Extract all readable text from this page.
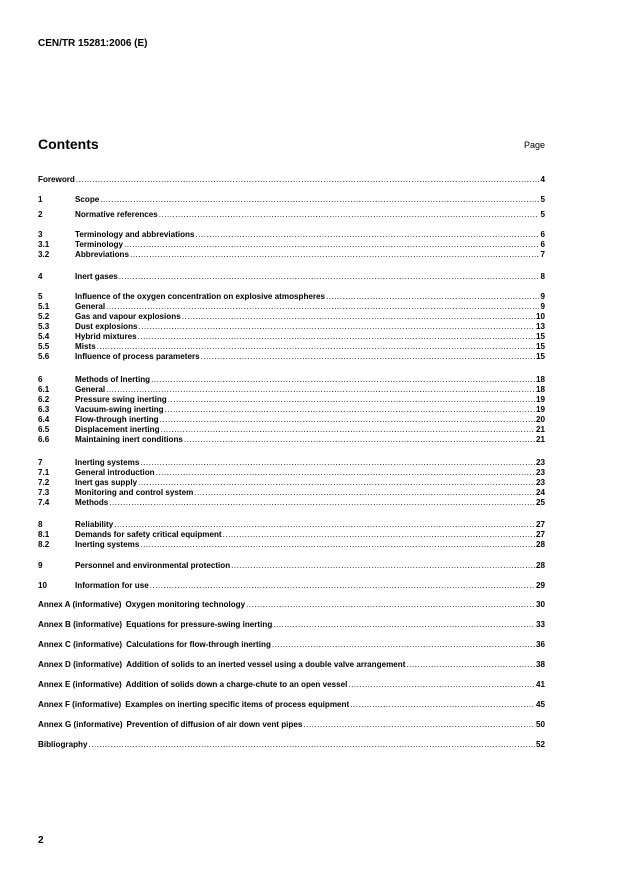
CEN/TR 15281:2006 (E)
Contents	Page
Foreword .....	4
1	Scope .....	5
2	Normative references .....	5
3	Terminology and abbreviations .....	6
3.1	Terminology .....	6
3.2	Abbreviations .....	7
4	Inert gases .....	8
5	Influence of the oxygen concentration on explosive atmospheres .....	9
5.1	General .....	9
5.2	Gas and vapour explosions .....	10
5.3	Dust explosions .....	13
5.4	Hybrid mixtures .....	15
5.5	Mists .....	15
5.6	Influence of process parameters .....	15
6	Methods of Inerting .....	18
6.1	General .....	18
6.2	Pressure swing inerting .....	19
6.3	Vacuum-swing inerting .....	19
6.4	Flow-through inerting .....	20
6.5	Displacement inerting .....	21
6.6	Maintaining inert conditions .....	21
7	Inerting systems .....	23
7.1	General introduction .....	23
7.2	Inert gas supply .....	23
7.3	Monitoring and control system .....	24
7.4	Methods .....	25
8	Reliability .....	27
8.1	Demands for safety critical equipment .....	27
8.2	Inerting systems .....	28
9	Personnel and environmental protection .....	28
10	Information for use .....	29
Annex A (informative) Oxygen monitoring technology .....	30
Annex B (informative) Equations for pressure-swing inerting .....	33
Annex C (informative) Calculations for flow-through inerting .....	36
Annex D (informative) Addition of solids to an inerted vessel using a double valve arrangement .....	38
Annex E (informative) Addition of solids down a charge-chute to an open vessel .....	41
Annex F (informative) Examples on inerting specific items of process equipment .....	45
Annex G (informative) Prevention of diffusion of air down vent pipes .....	50
Bibliography .....	52
2
